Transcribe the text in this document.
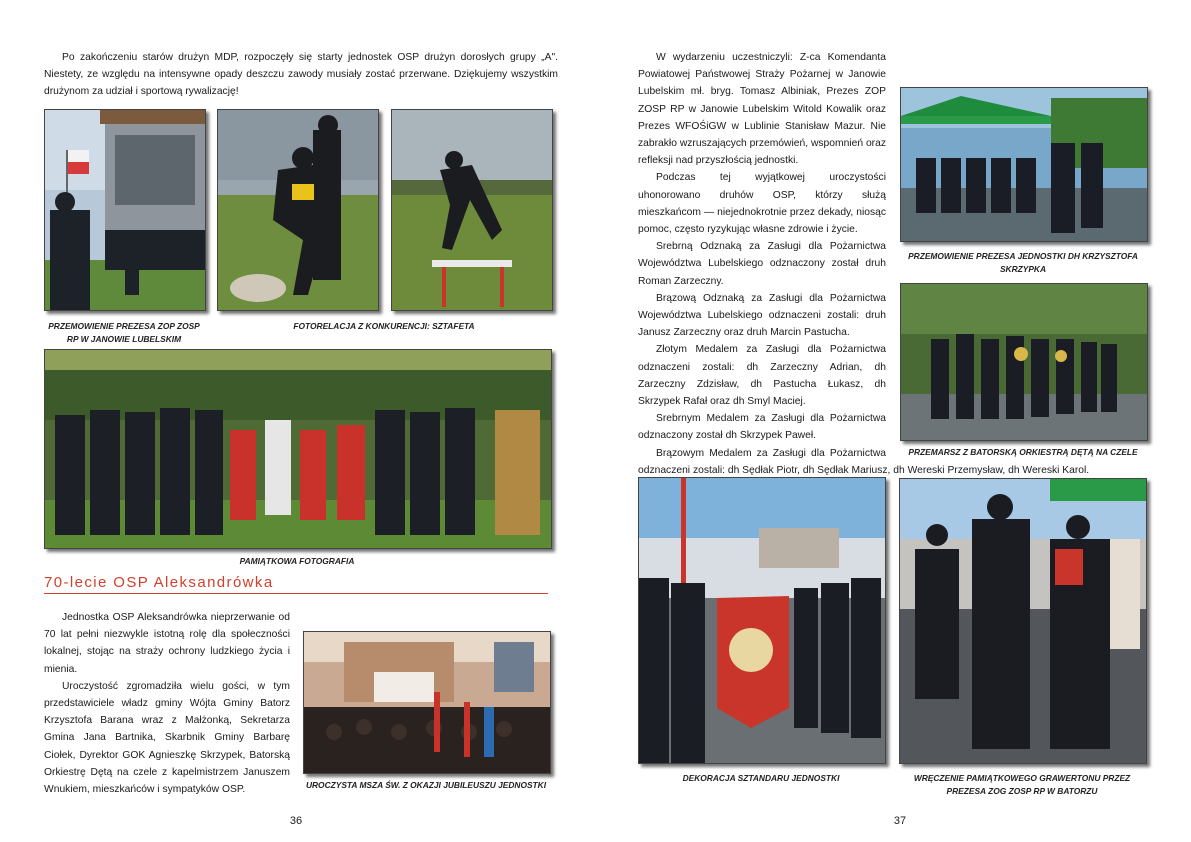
Po zakończeniu starów drużyn MDP, rozpoczęły się starty jednostek OSP drużyn dorosłych grupy „A". Niestety, ze względu na intensywne opady deszczu zawody musiały zostać przerwane. Dziękujemy wszystkim drużynom za udział i sportową rywalizację!
PRZEMOWIENIE PREZESA ZOP ZOSP RP W JANOWIE LUBELSKIM
FOTORELACJA Z KONKURENCJI: SZTAFETA
PAMIĄTKOWA FOTOGRAFIA
70-lecie OSP Aleksandrówka

Jednostka OSP Aleksandrówka nieprzerwanie od 70 lat pełni niezwykle istotną rolę dla społeczności lokalnej, stojąc na straży ochrony ludzkiego życia i mienia.

Uroczystość zgromadziła wielu gości, w tym przedstawiciele władz gminy Wójta Gminy Batorz Krzysztofa Barana wraz z Małżonką, Sekretarza Gmina Jana Bartnika, Skarbnik Gminy Barbarę Ciołek, Dyrektor GOK Agnieszkę Skrzypek, Batorską Orkiestrę Dętą na czele z kapelmistrzem Januszem Wnukiem, mieszkańców i sympatyków OSP.	UROCZYSTA MSZA ŚW. Z OKAZJI JUBILEUSZU JEDNOSTKI
36
PRZEMOWIENIE PREZESA JEDNOSTKI DH KRZYSZTOFA SKRZYPKA
PRZEMARSZ Z BATORSKĄ ORKIESTRĄ DĘTĄ NA CZELE

W wydarzeniu uczestniczyli: Z-ca Komendanta Powiatowej Państwowej Straży Pożarnej w Janowie Lubelskim mł. bryg. Tomasz Albiniak, Prezes ZOP ZOSP RP w Janowie Lubelskim Witold Kowalik oraz Prezes WFOŚiGW w Lublinie Stanisław Mazur. Nie zabrakło wzruszających przemówień, wspomnień oraz refleksji nad przyszłością jednostki.

Podczas tej wyjątkowej uroczystości uhonorowano druhów OSP, którzy służą mieszkańcom — niejednokrotnie przez dekady, niosąc pomoc, często ryzykując własne zdrowie i życie.

Srebrną Odznaką za Zasługi dla Pożarnictwa Województwa Lubelskiego odznaczony został druh Roman Zarzeczny.

Brązową Odznaką za Zasługi dla Pożarnictwa Województwa Lubelskiego odznaczeni zostali: druh Janusz Zarzeczny oraz druh Marcin Pastucha.

Złotym Medalem za Zasługi dla Pożarnictwa odznaczeni zostali: dh Zarzeczny Adrian, dh Zarzeczny Zdzisław, dh Pastucha Łukasz, dh Skrzypek Rafał oraz dh Smyl Maciej.

Srebrnym Medalem za Zasługi dla Pożarnictwa odznaczony został dh Skrzypek Paweł.

Brązowym Medalem za Zasługi dla Pożarnictwa odznaczeni zostali: dh Sędłak Piotr, dh Sędłak Mariusz, dh Wereski Przemysław, dh Wereski Karol.

DEKORACJA SZTANDARU JEDNOSTKI	WRĘCZENIE PAMIĄTKOWEGO GRAWERTONU PRZEZ PREZESA ZOG ZOSP RP W BATORZU
37
